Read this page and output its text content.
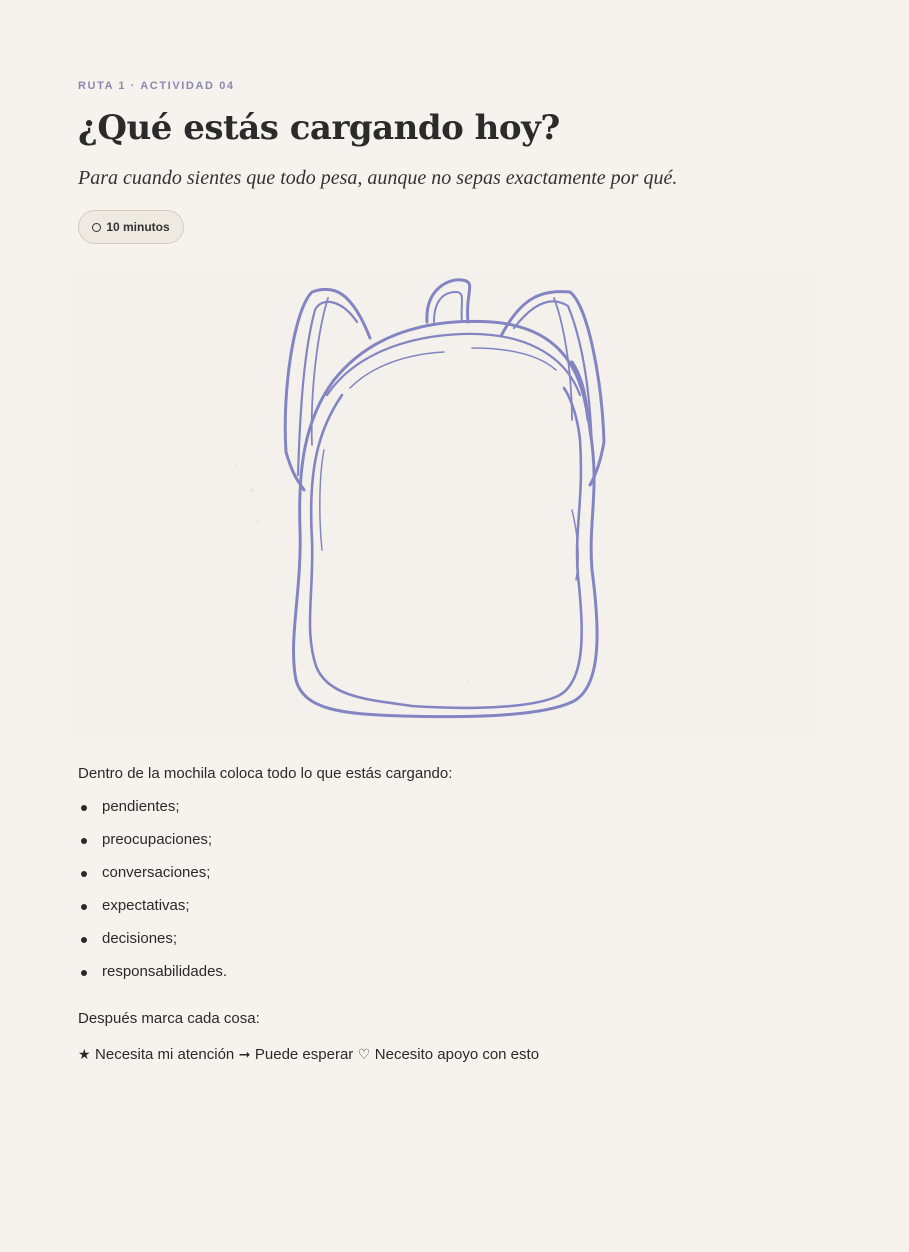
RUTA 1 · ACTIVIDAD 04
¿Qué estás cargando hoy?

Para cuando sientes que todo pesa, aunque no sepas exactamente por qué.

10 minutos

Dentro de la mochila coloca todo lo que estás cargando:

pendientes;
preocupaciones;
conversaciones;
expectativas;
decisiones;
responsabilidades.

Después marca cada cosa:

★ Necesita mi atención ➞ Puede esperar ♡ Necesito apoyo con esto
